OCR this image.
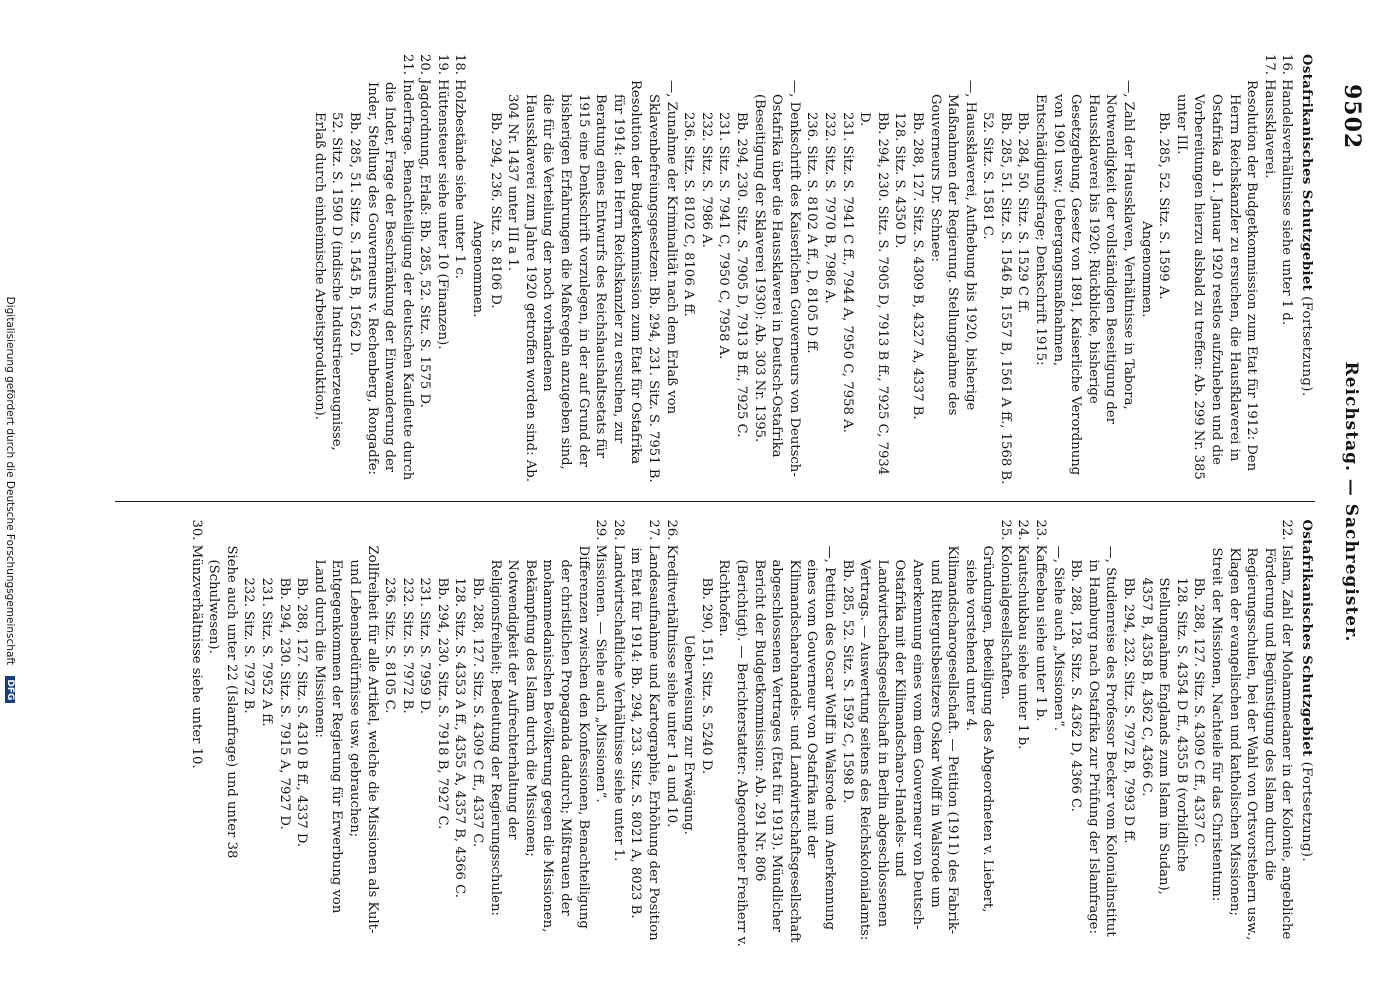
9502
Reichstag. — Sachregister.
Ostafrikanisches Schutzgebiet (Fortsetzung).

16. Handelsverhältnisse siehe unter 1 d.

17. Haussklaverei.

Resolution der Budgetkommission zum Etat für 1912: Den Herrn Reichskanzler zu ersuchen, die Hausfklaverei in Ostafrika ab 1. Januar 1920 restlos aufzuheben und die Vorbereitungen hierzu alsbald zu treffen: Ab. 299 Nr. 385 unter III.

Bb. 285, 52. Sitz. S. 1599 A.

Angenommen.

—, Zahl der Haussklaven, Verhältnisse in Tabora, Notwendigkeit der vollständigen Beseitigung der Haussklaverei bis 1920; Rückblicke, bisherige Gesetzgebung, Gesetz von 1891, Kaiserliche Verordnung von 1901 usw.; Uebergangsmaßnahmen, Entschädigungsfrage; Denkschrift 1915:

Bb. 284, 50. Sitz. S. 1529 C ff.

Bb. 285, 51. Sitz. S. 1546 B, 1557 B, 1561 A ff., 1568 B.

52. Sitz. S. 1581 C.

—, Haussklaverei, Aufhebung bis 1920, bisherige Maßnahmen der Regierung. Stellungnahme des Gouverneurs Dr. Schnee:

Bb. 288, 127. Sitz. S. 4309 B, 4327 A, 4337 B.

128. Sitz. S. 4350 D.

Bb. 294, 230. Sitz. S. 7905 D, 7913 B ff., 7925 C, 7934 D.

231. Sitz. S. 7941 C ff., 7944 A, 7950 C, 7958 A.

232. Sitz. S. 7970 B, 7986 A.

236. Sitz. S. 8102 A ff., D, 8105 D ff.

—, Denkschrift des Kaiserlichen Gouverneurs von Deutsch-Ostafrika über die Haussklaverei in Deutsch-Ostafrika (Beseitigung der Sklaverei 1930): Ab. 303 Nr. 1395.

Bb. 294, 230. Sitz. S. 7905 D, 7913 B ff., 7925 C.

231. Sitz. S. 7941 C, 7950 C, 7958 A.

232. Sitz. S. 7986 A.

236. Sitz. S. 8102 C, 8106 A ff.

—, Zunahme der Kriminalität nach dem Erlaß von Sklavenbefreiungsgesetzen: Bb. 294, 231. Sitz. S. 7951 B.

Resolution der Budgetkommission zum Etat für Ostafrika für 1914: den Herrn Reichskanzler zu ersuchen, zur Beratung eines Entwurfs des Reichshaushaltsetats für 1915 eine Denkschrift vorzulegen, in der auf Grund der bisherigen Erfahrungen die Maßregeln anzugeben sind, die für die Verteilung der noch vorhandenen Haussklaverei zum Jahre 1920 getroffen worden sind: Ab. 304 Nr. 1437 unter III a 1.

Bb. 294, 236. Sitz. S. 8106 D.

Angenommen.

18. Holzbestände siehe unter 1 c.

19. Hüttensteuer siehe unter 10 (Finanzen).

20. Jagdordnung, Erlaß: Bb. 285, 52. Sitz. S. 1575 D.

21. Inderfrage. Benachteiligung der deutschen Kaufleute durch die Inder, Frage der Beschränkung der Einwanderung der Inder, Stellung des Gouverneurs v. Rechenberg, Rongadfe:

Bb. 285, 51. Sitz. S. 1545 B, 1562 D.

52. Sitz. S. 1590 D (indische Industrieerzeugnisse, Erlaß durch einheimische Arbeitsproduktion).

Ostafrikanisches Schutzgebiet (Fortsetzung).

22. Islam, Zahl der Mohammedaner in der Kolonie, angebliche Förderung und Begünstigung des Islam durch die Regierungsschulen, bei der Wahl von Ortsvorstehern usw., Klagen der evangelischen und katholischen Missionen; Streit der Missionen, Nachteile für das Christentum:

Bb. 288, 127. Sitz. S. 4309 C ff., 4337 C.

128. Sitz. S. 4354 D ff., 4355 B (vorbildliche Stellungnahme Englands zum Islam im Sudan),

4357 B, 4358 B, 4362 C, 4366 C.

Bb. 294, 232. Sitz. S. 7972 B, 7993 D ff.

—, Studienreise des Professor Becker vom Kolonialinstitut in Hamburg nach Ostafrika zur Prüfung der Islamfrage: Bb. 288, 128. Sitz. S. 4362 D, 4366 C.

—, Siehe auch „Missionen“.

23. Kaffeebau siehe unter 1 b.

24. Kautschukbau siehe unter 1 b.

25. Kolonialgesellschaften.

Gründungen, Beteiligung des Abgeordneten v. Liebert, siehe vorstehend unter 4.

Kilimandscharogesellschaft. — Petition (1911) des Fabrik- und Rittergutsbesitzers Oskar Wolff in Walsrode um Anerkennung eines vom dem Gouverneur von Deutsch-Ostafrika mit der Kilimandscharo-Handels- und Landwirtschaftsgesellschaft in Berlin abgeschlossenen Vertrags. — Auswertung seitens des Reichskolonialamts: Bb. 285, 52. Sitz. S. 1592 C, 1598 D.

—, Petition des Oscar Wolff in Walsrode um Anerkennung eines vom Gouverneur von Ostafrika mit der Kilimandscharohandels- und Landwirtschaftsgesellschaft abgeschlossenen Vertrages (Etat für 1913). Mündlicher Bericht der Budgetkommission: Ab. 291 Nr. 806 (Berichtigt). — Berichterstatter: Abgeordneter Freiherr v. Richthofen.

Bb. 290, 151. Sitz. S. 5240 D.

Ueberweisung zur Erwägung.

26. Kreditverhältnisse siehe unter 1 a und 10.

27. Landesaufnahme und Kartographie, Erhöhung der Position im Etat für 1914: Bb. 294, 233. Sitz. S. 8021 A, 8023 B.

28. Landwirtschaftliche Verhältnisse siehe unter 1.

29. Missionen. — Siehe auch „Missionen“.

Differenzen zwischen den Konfessionen, Benachteiligung der christlichen Propaganda dadurch; Mißtrauen der mohammedanischen Bevölkerung gegen die Missionen, Bekämpfung des Islam durch die Missionen; Notwendigkeit der Aufrechterhaltung der Religionsfreiheit; Bedeutung der Regierungsschulen:

Bb. 288, 127. Sitz. S. 4309 C ff., 4337 C.

128. Sitz. S. 4353 A ff., 4355 A, 4357 B, 4366 C.

Bb. 294, 230. Sitz. S. 7918 B, 7927 C.

231. Sitz. S. 7959 D.

232. Sitz. S. 7972 B.

236. Sitz. S. 8105 C.

Zollfreiheit für alle Artikel, welche die Missionen als Kult- und Lebensbedürfnisse usw. gebrauchen; Entgegenkommen der Regierung für Erwerbung von Land durch die Missionen:

Bb. 288, 127. Sitz. S. 4310 B ff., 4337 D.

Bb. 294, 230. Sitz. S. 7915 A, 7927 D.

231. Sitz. S. 7952 A ff.

232. Sitz. S. 7972 B.

Siehe auch unter 22 (Islamfrage) und unter 38 (Schulwesen).

30. Münzverhältnisse siehe unter 10.

Digitalisierung gefördert durch die Deutsche Forschungsgemeinschaft DFG
